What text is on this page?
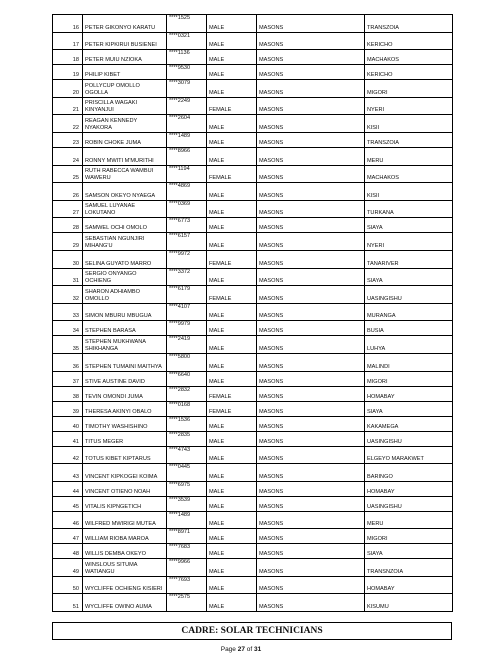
16	PETER GIKONYO KARATU	****1525	MALE	MASONS	TRANSZOIA
17	PETER KIPKIRUI BUSIENEI	****0321	MALE	MASONS	KERICHO
18	PETER MUIU NZIOKA	****1136	MALE	MASONS	MACHAKOS
19	PHILIP KIBET	****9530	MALE	MASONS	KERICHO
20	POLLYCUP OMOLLO OGOLLA	****3079	MALE	MASONS	MIGORI
21	PRISCILLA WAGAKI KINYANJUI	****2249	FEMALE	MASONS	NYERI
22	REAGAN KENNEDY NYAKORA	****2604	MALE	MASONS	KISII
23	ROBIN CHOKE JUMA	****1489	MALE	MASONS	TRANSZOIA
24	RONNY MWITI M'MURITHI	****8966	MALE	MASONS	MERU
25	RUTH RABECCA WAMBUI WAWERU	****1194	FEMALE	MASONS	MACHAKOS
26	SAMSON OKEYO NYAEGA	****4869	MALE	MASONS	KISII
27	SAMUEL LUYANAE LOKUTANO	****0369	MALE	MASONS	TURKANA
28	SAMWEL OCHI OMOLO	****6773	MALE	MASONS	SIAYA
29	SEBASTIAN NGUNJIRI MIHANG'U	****6157	MALE	MASONS	NYERI
30	SELINA GUYATO MARRO	****9972	FEMALE	MASONS	TANARIVER
31	SERGIO ONYANGO OCHIENG	****3372	MALE	MASONS	SIAYA
32	SHARON ADHIAMBO OMOLLO	****6179	FEMALE	MASONS	UASINGISHU
33	SIMON MBURU MBUGUA	****4107	MALE	MASONS	MURANGA
34	STEPHEN BARASA	****9979	MALE	MASONS	BUSIA
35	STEPHEN MUKHWANA SHIKHANGA	****2419	MALE	MASONS	LUHYA
36	STEPHEN TUMAINI MAITHYA	****5800	MALE	MASONS	MALINDI
37	STIVE AUSTINE DAVID	****6640	MALE	MASONS	MIGORI
38	TEVIN OMONDI JUMA	****2832	FEMALE	MASONS	HOMABAY
39	THERESA AKINYI OBALO	****0168	FEMALE	MASONS	SIAYA
40	TIMOTHY WASHISHINO	****1536	MALE	MASONS	KAKAMEGA
41	TITUS MEGER	****2835	MALE	MASONS	UASINGISHU
42	TOTUS KIBET KIPTARUS	****4743	MALE	MASONS	ELGEYO MARAKWET
43	VINCENT KIPKOGEI KOIMA	****0445	MALE	MASONS	BARINGO
44	VINCENT OTIENO NOAH	****6975	MALE	MASONS	HOMABAY
45	VITALIS KIPNGETICH	****3539	MALE	MASONS	UASINGISHU
46	WILFRED MWIRIGI MUTEA	****1489	MALE	MASONS	MERU
47	WILLIAM RIOBA MAROA	****8971	MALE	MASONS	MIGORI
48	WILLIS DEMBA OKEYO	****7683	MALE	MASONS	SIAYA
49	WINSLOUS SITUMA WATIANGU	****9966	MALE	MASONS	TRANSNZOIA
50	WYCLIFFE OCHIENG KISIERI	****7693	MALE	MASONS	HOMABAY
51	WYCLIFFE OWINO AUMA	****2575	MALE	MASONS	KISUMU
CADRE: SOLAR TECHNICIANS
Page 27 of 31
